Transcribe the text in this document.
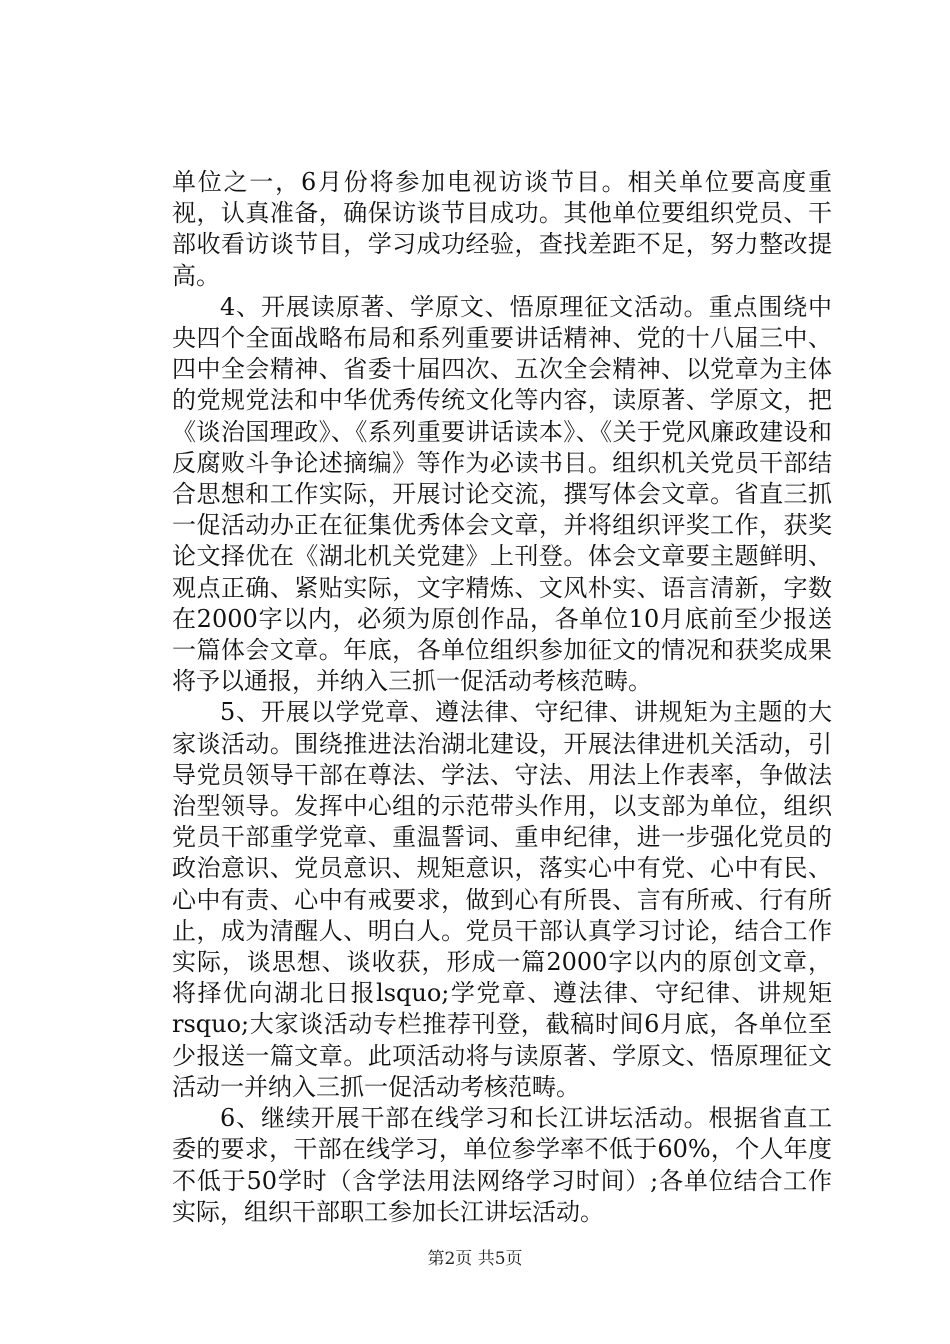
单位之一，6月份将参加电视访谈节目。相关单位要高度重视，认真准备，确保访谈节目成功。其他单位要组织党员、干部收看访谈节目，学习成功经验，查找差距不足，努力整改提高。

4、开展读原著、学原文、悟原理征文活动。重点围绕中央四个全面战略布局和系列重要讲话精神、党的十八届三中、四中全会精神、省委十届四次、五次全会精神、以党章为主体的党规党法和中华优秀传统文化等内容，读原著、学原文，把《谈治国理政》、《系列重要讲话读本》、《关于党风廉政建设和反腐败斗争论述摘编》等作为必读书目。组织机关党员干部结合思想和工作实际，开展讨论交流，撰写体会文章。省直三抓一促活动办正在征集优秀体会文章，并将组织评奖工作，获奖论文择优在《湖北机关党建》上刊登。体会文章要主题鲜明、观点正确、紧贴实际，文字精炼、文风朴实、语言清新，字数在2000字以内，必须为原创作品，各单位10月底前至少报送一篇体会文章。年底，各单位组织参加征文的情况和获奖成果将予以通报，并纳入三抓一促活动考核范畴。

5、开展以学党章、遵法律、守纪律、讲规矩为主题的大家谈活动。围绕推进法治湖北建设，开展法律进机关活动，引导党员领导干部在尊法、学法、守法、用法上作表率，争做法治型领导。发挥中心组的示范带头作用，以支部为单位，组织党员干部重学党章、重温誓词、重申纪律，进一步强化党员的政治意识、党员意识、规矩意识，落实心中有党、心中有民、心中有责、心中有戒要求，做到心有所畏、言有所戒、行有所止，成为清醒人、明白人。党员干部认真学习讨论，结合工作实际，谈思想、谈收获，形成一篇2000字以内的原创文章，将择优向湖北日报lsquo;学党章、遵法律、守纪律、讲规矩rsquo;大家谈活动专栏推荐刊登，截稿时间6月底，各单位至少报送一篇文章。此项活动将与读原著、学原文、悟原理征文活动一并纳入三抓一促活动考核范畴。

6、继续开展干部在线学习和长江讲坛活动。根据省直工委的要求，干部在线学习，单位参学率不低于60%，个人年度不低于50学时（含学法用法网络学习时间）;各单位结合工作实际，组织干部职工参加长江讲坛活动。

第2页 共5页
